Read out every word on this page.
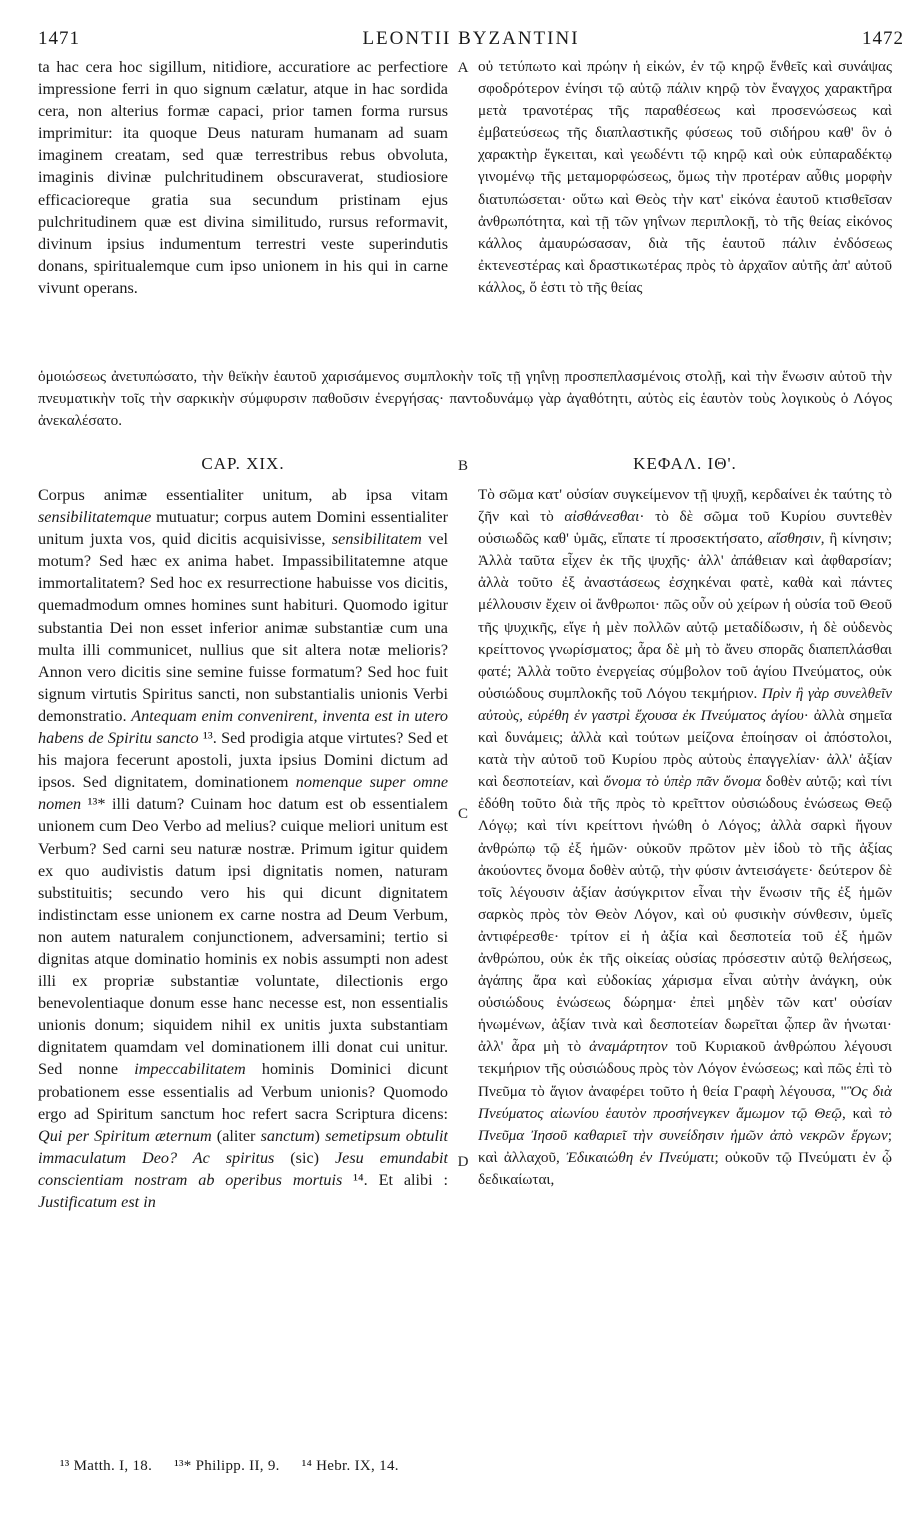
1471	LEONTII BYZANTINI	1472

ta hac cera hoc sigillum, nitidiore, accuratiore ac perfectiore impressione ferri in quo signum cælatur, atque in hac sordida cera, non alterius formæ capaci, prior tamen forma rursus imprimitur: ita quoque Deus naturam humanam ad suam imaginem creatam, sed quæ terrestribus rebus obvoluta, imaginis divinæ pulchritudinem obscuraverat, studiosiore efficacioreque gratia sua secundum pristinam ejus pulchritudinem quæ est divina similitudo, rursus reformavit, divinum ipsius indumentum terrestri veste superindutis donans, spiritualemque cum ipso unionem in his qui in carne vivunt operans.

οὐ τετύπωτο καὶ πρώην ἡ εἰκών, ἐν τῷ κηρῷ ἔνθεῖς καὶ συνάψας σφοδρότερον ἐνίησι τῷ αὐτῷ πάλιν κηρῷ τὸν ἔναγχος χαρακτῆρα μετὰ τρανοτέρας τῆς παραθέσεως καὶ προσενώσεως καὶ ἐμβατεύσεως τῆς διαπλαστικῆς φύσεως τοῦ σιδήρου καθ' ὃν ὁ χαρακτὴρ ἔγκειται, καὶ γεωδέντι τῷ κηρῷ καὶ οὐκ εὐπαραδέκτῳ γινομένῳ τῆς μεταμορφώσεως, ὅμως τὴν προτέραν αὖθις μορφὴν διατυπώσεται· οὕτω καὶ Θεὸς τὴν κατ' εἰκόνα ἑαυτοῦ κτισθεῖσαν ἀνθρωπότητα, καὶ τῇ τῶν γηΐνων περιπλοκῇ, τὸ τῆς θείας εἰκόνος κάλλος ἀμαυρώσασαν, διὰ τῆς ἑαυτοῦ πάλιν ἐνδόσεως ἐκτενεστέρας καὶ δραστικωτέρας πρὸς τὸ ἀρχαῖον αὐτῆς ἀπ' αὐτοῦ κάλλος, ὅ ἐστι τὸ τῆς θείας

A
B
C
D
ὁμοιώσεως ἀνετυπώσατο, τὴν θεϊκὴν ἑαυτοῦ χαρισάμενος συμπλοκὴν τοῖς τῇ γηΐνῃ προσπεπλασμένοις στολῇ, καὶ τὴν ἕνωσιν αὐτοῦ τὴν πνευματικὴν τοῖς τὴν σαρκικὴν σύμφυρσιν παθοῦσιν ἐνεργήσας· παντοδυνάμῳ γὰρ ἀγαθότητι, αὐτὸς εἰς ἑαυτὸν τοὺς λογικοὺς ὁ Λόγος ἀνεκαλέσατο.
CAP. XIX.	ΚΕΦΑΛ. ΙΘ'.

Corpus animæ essentialiter unitum, ab ipsa vitam sensibilitatemque mutuatur; corpus autem Domini essentialiter unitum juxta vos, quid dicitis acquisivisse, sensibilitatem vel motum? Sed hæc ex anima habet. Impassibilitatemne atque immortalitatem? Sed hoc ex resurrectione habuisse vos dicitis, quemadmodum omnes homines sunt habituri. Quomodo igitur substantia Dei non esset inferior animæ substantiæ cum una multa illi communicet, nullius que sit altera notæ melioris? Annon vero dicitis sine semine fuisse formatum? Sed hoc fuit signum virtutis Spiritus sancti, non substantialis unionis Verbi demonstratio. Antequam enim convenirent, inventa est in utero habens de Spiritu sancto ¹³. Sed prodigia atque virtutes? Sed et his majora fecerunt apostoli, juxta ipsius Domini dictum ad ipsos. Sed dignitatem, dominationem nomenque super omne nomen ¹³* illi datum? Cuinam hoc datum est ob essentialem unionem cum Deo Verbo ad melius? cuique meliori unitum est Verbum? Sed carni seu naturæ nostræ. Primum igitur quidem ex quo audivistis datum ipsi dignitatis nomen, naturam substituitis; secundo vero his qui dicunt dignitatem indistinctam esse unionem ex carne nostra ad Deum Verbum, non autem naturalem conjunctionem, adversamini; tertio si dignitas atque dominatio hominis ex nobis assumpti non adest illi ex propriæ substantiæ voluntate, dilectionis ergo benevolentiaque donum esse hanc necesse est, non essentialis unionis donum; siquidem nihil ex unitis juxta substantiam dignitatem quamdam vel dominationem illi donat cui unitur. Sed nonne impeccabilitatem hominis Dominici dicunt probationem esse essentialis ad Verbum unionis? Quomodo ergo ad Spiritum sanctum hoc refert sacra Scriptura dicens: Qui per Spiritum æternum (aliter sanctum) semetipsum obtulit immaculatum Deo? Ac spiritus (sic) Jesu emundabit conscientiam nostram ab operibus mortuis ¹⁴. Et alibi : Justificatum est in

Τὸ σῶμα κατ' οὐσίαν συγκείμενον τῇ ψυχῇ, κερδαίνει ἐκ ταύτης τὸ ζῆν καὶ τὸ αἰσθάνεσθαι· τὸ δὲ σῶμα τοῦ Κυρίου συντεθὲν οὐσιωδῶς καθ' ὑμᾶς, εἴπατε τί προσεκτήσατο, αἴσθησιν, ἢ κίνησιν; Ἀλλὰ ταῦτα εἶχεν ἐκ τῆς ψυχῆς· ἀλλ' ἀπάθειαν καὶ ἀφθαρσίαν; ἀλλὰ τοῦτο ἐξ ἀναστάσεως ἐσχηκέναι φατὲ, καθὰ καὶ πάντες μέλλουσιν ἔχειν οἱ ἄνθρωποι· πῶς οὖν οὐ χείρων ἡ οὐσία τοῦ Θεοῦ τῆς ψυχικῆς, εἴγε ἡ μὲν πολλῶν αὐτῷ μεταδίδωσιν, ἡ δὲ οὐδενὸς κρείττονος γνωρίσματος; ἆρα δὲ μὴ τὸ ἄνευ σπορᾶς διαπεπλάσθαι φατέ; Ἀλλὰ τοῦτο ἐνεργείας σύμβολον τοῦ ἁγίου Πνεύματος, οὐκ οὐσιώδους συμπλοκῆς τοῦ Λόγου τεκμήριον. Πρὶν ἢ γὰρ συνελθεῖν αὐτοὺς, εὑρέθη ἐν γαστρὶ ἔχουσα ἐκ Πνεύματος ἁγίου· ἀλλὰ σημεῖα καὶ δυνάμεις; ἀλλὰ καὶ τούτων μείζονα ἐποίησαν οἱ ἀπόστολοι, κατὰ τὴν αὐτοῦ τοῦ Κυρίου πρὸς αὐτοὺς ἐπαγγελίαν· ἀλλ' ἀξίαν καὶ δεσποτείαν, καὶ ὄνομα τὸ ὑπὲρ πᾶν ὄνομα δοθὲν αὐτῷ; καὶ τίνι ἐδόθη τοῦτο διὰ τῆς πρὸς τὸ κρεῖττον οὐσιώδους ἑνώσεως Θεῷ Λόγῳ; καὶ τίνι κρείττονι ἡνώθη ὁ Λόγος; ἀλλὰ σαρκὶ ἤγουν ἀνθρώπῳ τῷ ἐξ ἡμῶν· οὐκοῦν πρῶτον μὲν ἰδοὺ τὸ τῆς ἀξίας ἀκούοντες ὄνομα δοθὲν αὐτῷ, τὴν φύσιν ἀντεισάγετε· δεύτερον δὲ τοῖς λέγουσιν ἀξίαν ἀσύγκριτον εἶναι τὴν ἕνωσιν τῆς ἐξ ἡμῶν σαρκὸς πρὸς τὸν Θεὸν Λόγον, καὶ οὐ φυσικὴν σύνθεσιν, ὑμεῖς ἀντιφέρεσθε· τρίτον εἰ ἡ ἀξία καὶ δεσποτεία τοῦ ἐξ ἡμῶν ἀνθρώπου, οὐκ ἐκ τῆς οἰκείας οὐσίας πρόσεστιν αὐτῷ θελήσεως, ἀγάπης ἄρα καὶ εὐδοκίας χάρισμα εἶναι αὐτὴν ἀνάγκη, οὐκ οὐσιώδους ἑνώσεως δώρημα· ἐπεὶ μηδὲν τῶν κατ' οὐσίαν ἡνωμένων, ἀξίαν τινὰ καὶ δεσποτείαν δωρεῖται ᾧπερ ἂν ἡνωται· ἀλλ' ἆρα μὴ τὸ ἀναμάρτητον τοῦ Κυριακοῦ ἀνθρώπου λέγουσι τεκμήριον τῆς οὐσιώδους πρὸς τὸν Λόγον ἑνώσεως; καὶ πῶς ἐπὶ τὸ Πνεῦμα τὸ ἅγιον ἀναφέρει τοῦτο ἡ θεία Γραφὴ λέγουσα, "Ὃς διὰ Πνεύματος αἰωνίου ἑαυτὸν προσήνεγκεν ἄμωμον τῷ Θεῷ, καὶ τὸ Πνεῦμα Ἰησοῦ καθαριεῖ τὴν συνείδησιν ἡμῶν ἀπὸ νεκρῶν ἔργων; καὶ ἀλλαχοῦ, Ἐδικαιώθη ἐν Πνεύματι; οὐκοῦν τῷ Πνεύματι ἐν ᾧ δεδικαίωται,

¹³ Matth. I, 18. ¹³* Philipp. II, 9. ¹⁴ Hebr. IX, 14.
